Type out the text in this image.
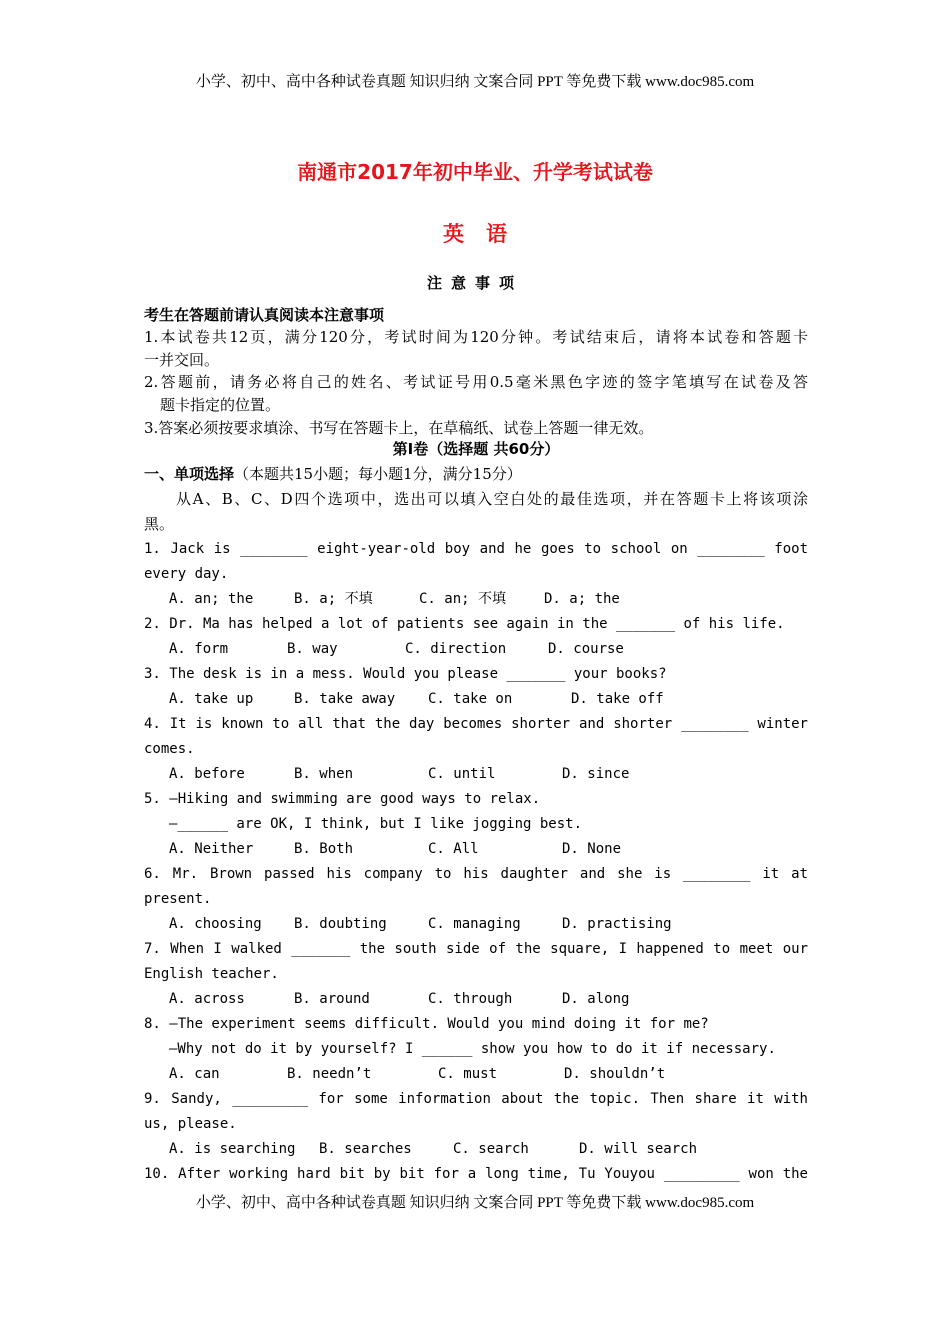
小学、初中、高中各种试卷真题 知识归纳 文案合同 PPT 等免费下载 www.doc985.com
南通市2017年初中毕业、升学考试试卷
英语
注意事项
考生在答题前请认真阅读本注意事项
1.本试卷共12页，满分120分，考试时间为120分钟。考试结束后，请将本试卷和答题卡
一并交回。
2.答题前，请务必将自己的姓名、考试证号用0.5毫米黑色字迹的签字笔填写在试卷及答
题卡指定的位置。
3.答案必须按要求填涂、书写在答题卡上，在草稿纸、试卷上答题一律无效。
第Ⅰ卷（选择题 共60分）
一、单项选择（本题共15小题；每小题1分，满分15分）
从A、B、C、D四个选项中，选出可以填入空白处的最佳选项，并在答题卡上将该项涂
黑。
1. Jack is ________ eight-year-old boy and he goes to school on ________ foot
every day.
A. an; the	B. a; 不填	C. an; 不填	D. a; the
2. Dr. Ma has helped a lot of patients see again in the _______ of his life.
A. form	B. way	C. direction	D. course
3. The desk is in a mess. Would you please _______ your books?
A. take up	B. take away C. take on	D. take off
4. It is known to all that the day becomes shorter and shorter ________ winter
comes.
A. before	B. when	C. until	D. since
5. —Hiking and swimming are good ways to relax.
—______ are OK, I think, but I like jogging best.
A. Neither	B. Both	C. All	D. None
6. Mr. Brown passed his company to his daughter and she is ________ it at
present.
A. choosing B. doubting	C. managing	D. practising
7. When I walked _______ the south side of the square, I happened to meet our
English teacher.
A. across	B. around	C. through	D. along
8. —The experiment seems difficult. Would you mind doing it for me?
—Why not do it by yourself? I ______ show you how to do it if necessary.
A. can	B. needn’t	C. must	D. shouldn’t
9. Sandy, _________ for some information about the topic. Then share it with
us, please.
A. is searching B. searches	C. search	D. will search
10. After working hard bit by bit for a long time, Tu Youyou _________ won the
小学、初中、高中各种试卷真题 知识归纳 文案合同 PPT 等免费下载 www.doc985.com
